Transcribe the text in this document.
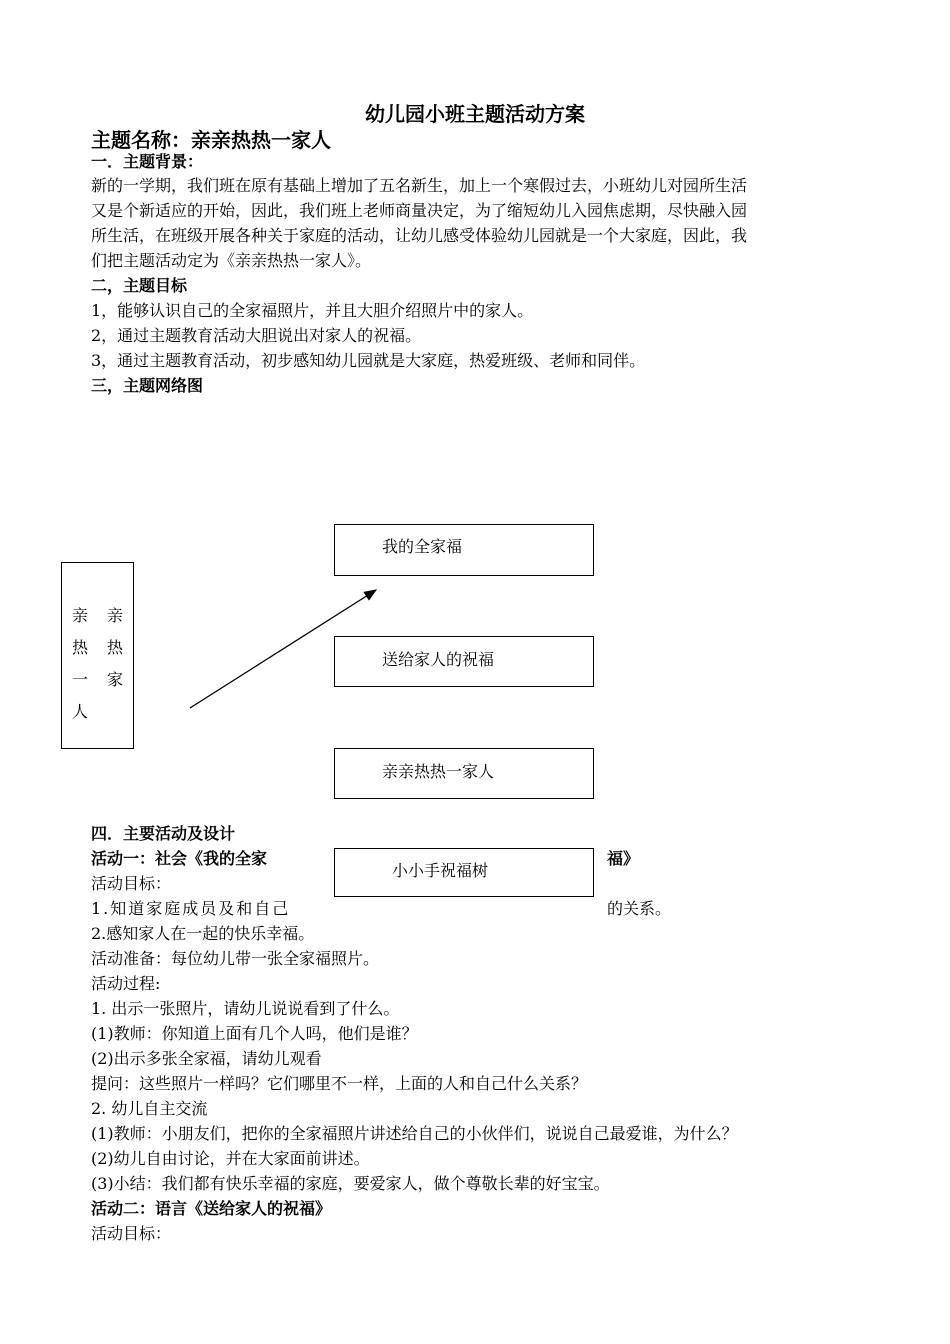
幼儿园小班主题活动方案
主题名称：亲亲热热一家人
一．主题背景：
新的一学期，我们班在原有基础上增加了五名新生，加上一个寒假过去，小班幼儿对园所生活
又是个新适应的开始，因此，我们班上老师商量决定，为了缩短幼儿入园焦虑期，尽快融入园
所生活，在班级开展各种关于家庭的活动，让幼儿感受体验幼儿园就是一个大家庭，因此，我
们把主题活动定为《亲亲热热一家人》。
二，主题目标
1，能够认识自己的全家福照片，并且大胆介绍照片中的家人。
2，通过主题教育活动大胆说出对家人的祝福。
3，通过主题教育活动，初步感知幼儿园就是大家庭，热爱班级、老师和同伴。
三，主题网络图
亲
热
一
人
亲
热
家
我的全家福
送给家人的祝福
亲亲热热一家人
四．主要活动及设计
活动一：社会《我的全家	福》
活动目标：
1.知道家庭成员及和自己	的关系。
小小手祝福树
2.感知家人在一起的快乐幸福。
活动准备：每位幼儿带一张全家福照片。
活动过程:
1. 出示一张照片，请幼儿说说看到了什么。
(1)教师：你知道上面有几个人吗，他们是谁？
(2)出示多张全家福，请幼儿观看
提问：这些照片一样吗？它们哪里不一样，上面的人和自己什么关系？
2. 幼儿自主交流
(1)教师：小朋友们，把你的全家福照片讲述给自己的小伙伴们，说说自己最爱谁，为什么？
(2)幼儿自由讨论，并在大家面前讲述。
(3)小结：我们都有快乐幸福的家庭，要爱家人，做个尊敬长辈的好宝宝。
活动二：语言《送给家人的祝福》
活动目标：
